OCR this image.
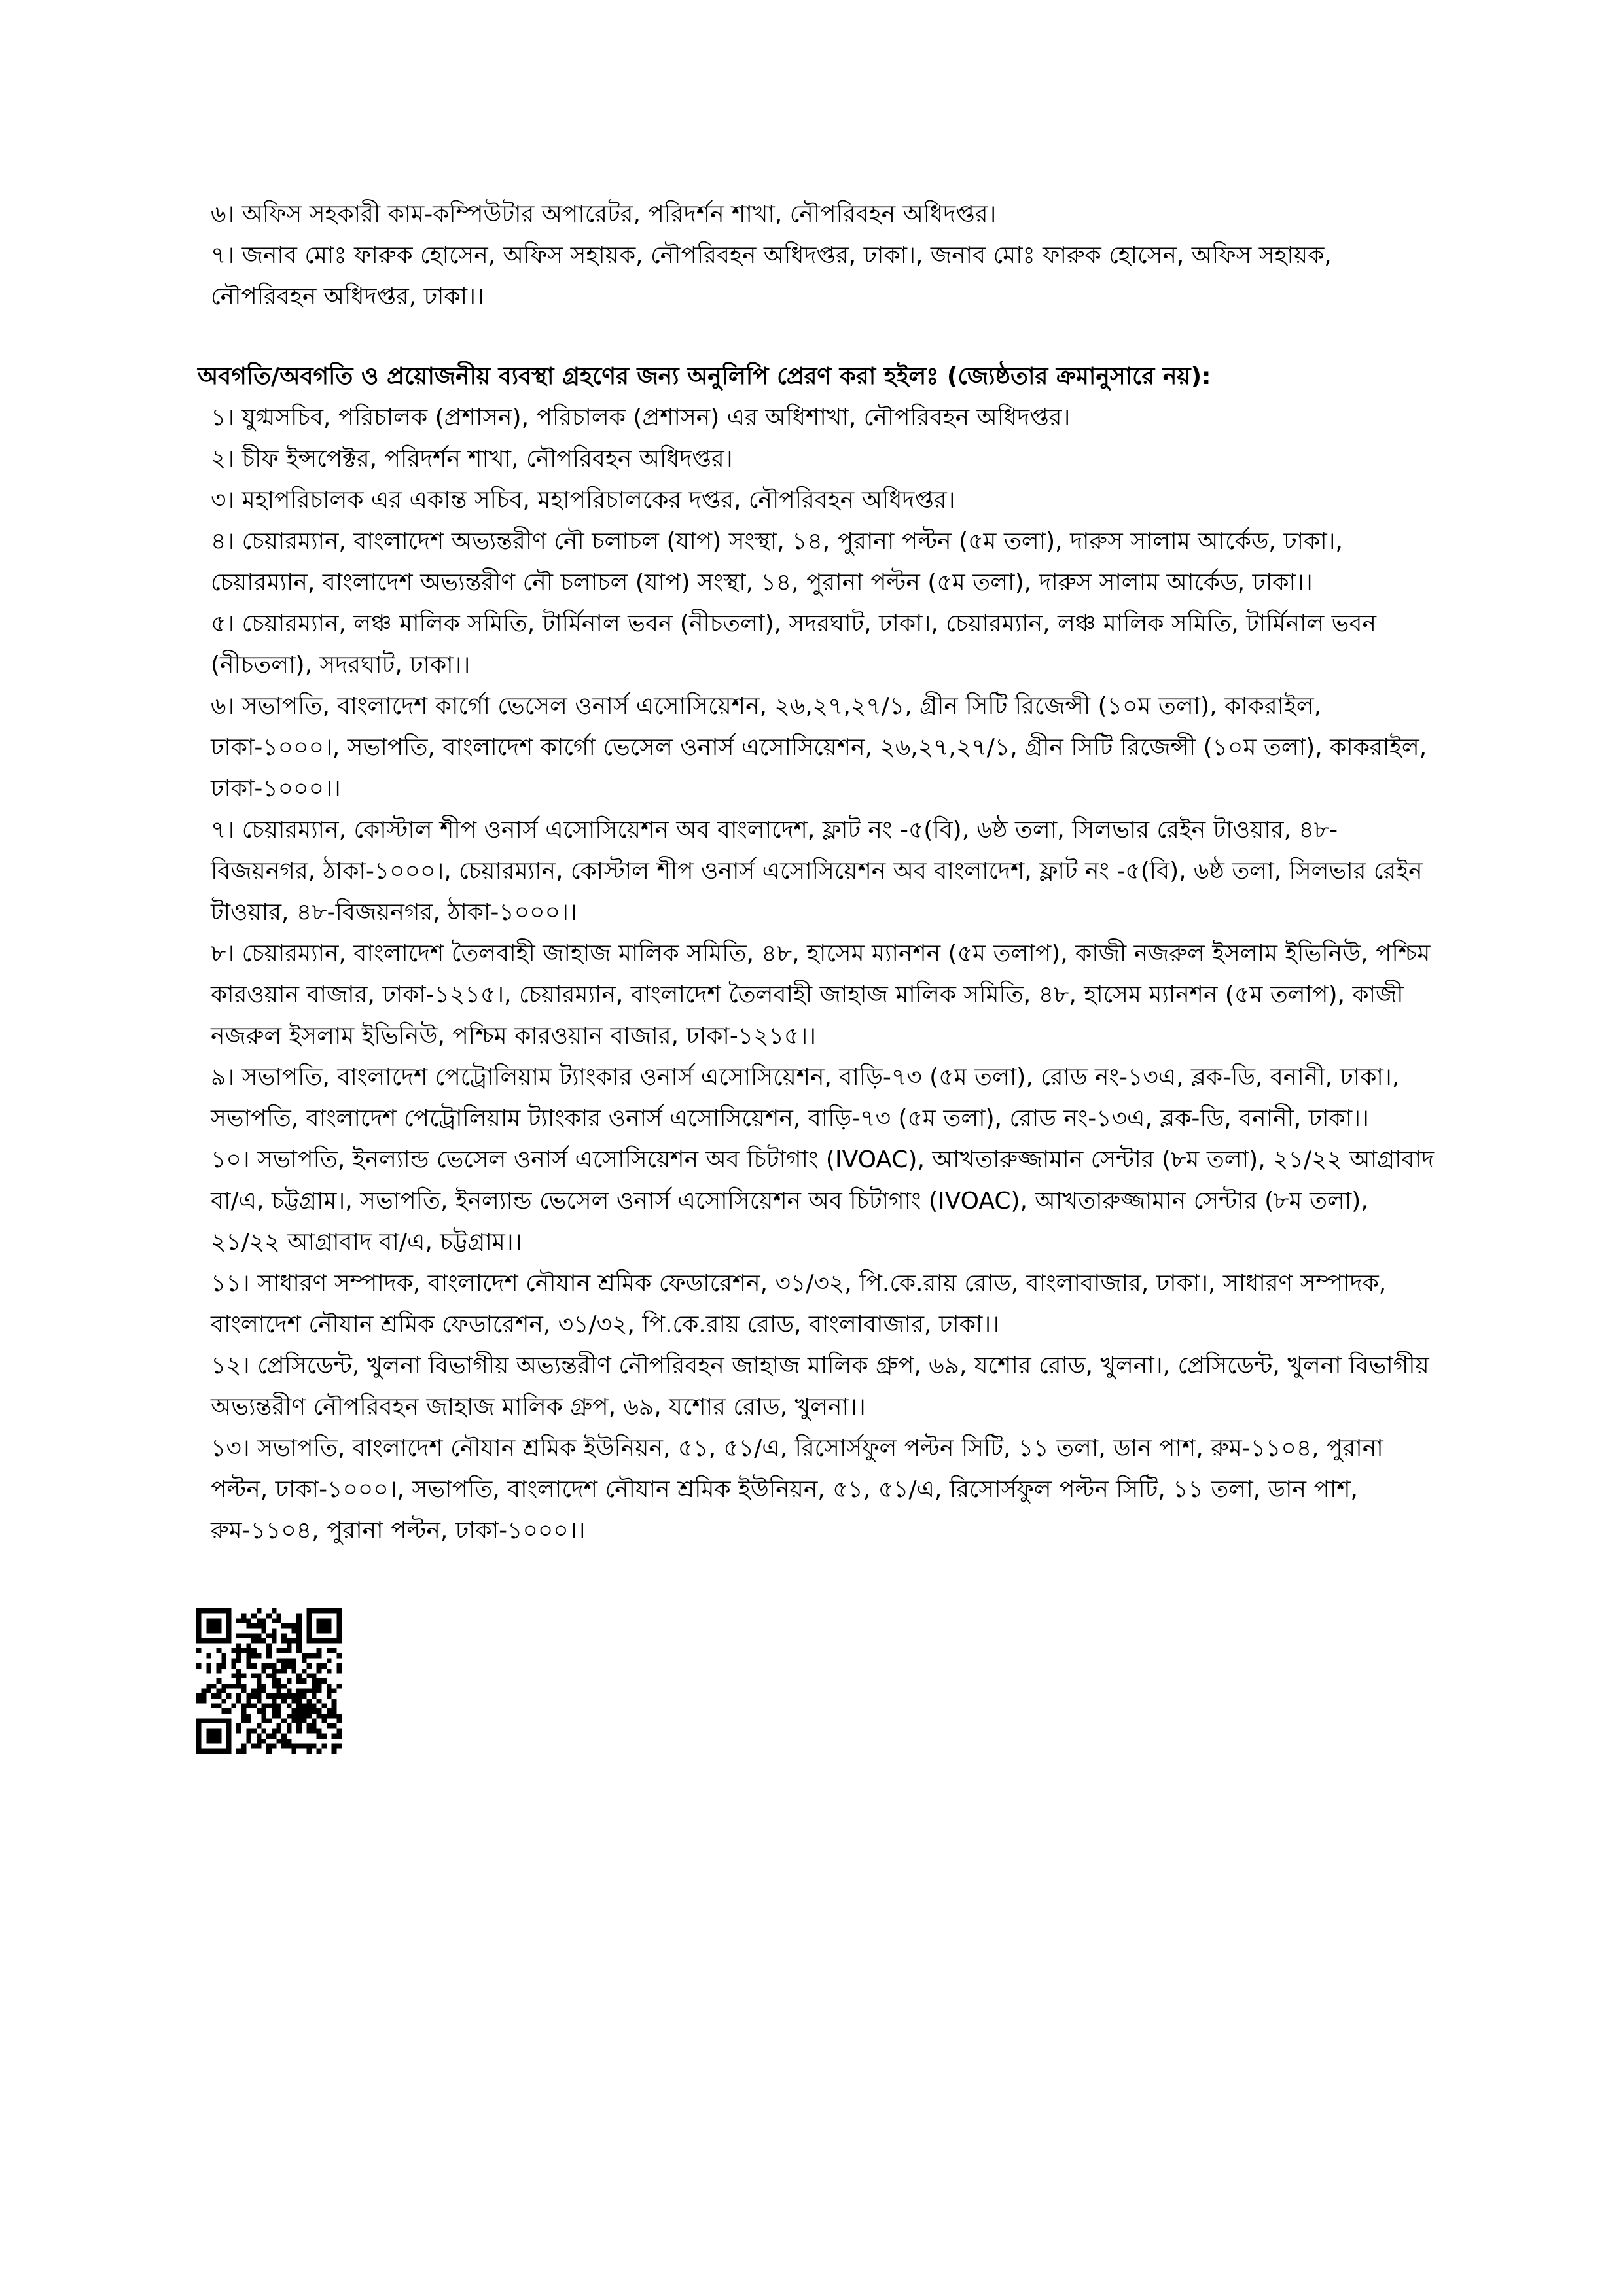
৬। অফিস সহকারী কাম-কম্পিউটার অপারেটর, পরিদর্শন শাখা, নৌপরিবহন অধিদপ্তর।

৭। জনাব মোঃ ফারুক হোসেন, অফিস সহায়ক, নৌপরিবহন অধিদপ্তর, ঢাকা।, জনাব মোঃ ফারুক হোসেন, অফিস সহায়ক, নৌপরিবহন অধিদপ্তর, ঢাকা।।

অবগতি/অবগতি ও প্রয়োজনীয় ব্যবস্থা গ্রহণের জন্য অনুলিপি প্রেরণ করা হইলঃ (জ্যেষ্ঠতার ক্রমানুসারে নয়):

১। যুগ্মসচিব, পরিচালক (প্রশাসন), পরিচালক (প্রশাসন) এর অধিশাখা, নৌপরিবহন অধিদপ্তর।

২। চীফ ইন্সপেক্টর, পরিদর্শন শাখা, নৌপরিবহন অধিদপ্তর।

৩। মহাপরিচালক এর একান্ত সচিব, মহাপরিচালকের দপ্তর, নৌপরিবহন অধিদপ্তর।

৪। চেয়ারম্যান, বাংলাদেশ অভ্যন্তরীণ নৌ চলাচল (যাপ) সংস্থা, ১৪, পুরানা পল্টন (৫ম তলা), দারুস সালাম আর্কেড, ঢাকা।, চেয়ারম্যান, বাংলাদেশ অভ্যন্তরীণ নৌ চলাচল (যাপ) সংস্থা, ১৪, পুরানা পল্টন (৫ম তলা), দারুস সালাম আর্কেড, ঢাকা।।

৫। চেয়ারম্যান, লঞ্চ মালিক সমিতি, টার্মিনাল ভবন (নীচতলা), সদরঘাট, ঢাকা।, চেয়ারম্যান, লঞ্চ মালিক সমিতি, টার্মিনাল ভবন (নীচতলা), সদরঘাট, ঢাকা।।

৬। সভাপতি, বাংলাদেশ কার্গো ভেসেল ওনার্স এসোসিয়েশন, ২৬,২৭,২৭/১, গ্রীন সিটি রিজেন্সী (১০ম তলা), কাকরাইল, ঢাকা-১০০০।, সভাপতি, বাংলাদেশ কার্গো ভেসেল ওনার্স এসোসিয়েশন, ২৬,২৭,২৭/১, গ্রীন সিটি রিজেন্সী (১০ম তলা), কাকরাইল, ঢাকা-১০০০।।

৭। চেয়ারম্যান, কোস্টাল শীপ ওনার্স এসোসিয়েশন অব বাংলাদেশ, ফ্লাট নং -৫(বি), ৬ষ্ঠ তলা, সিলভার রেইন টাওয়ার, ৪৮-বিজয়নগর, ঠাকা-১০০০।, চেয়ারম্যান, কোস্টাল শীপ ওনার্স এসোসিয়েশন অব বাংলাদেশ, ফ্লাট নং -৫(বি), ৬ষ্ঠ তলা, সিলভার রেইন টাওয়ার, ৪৮-বিজয়নগর, ঠাকা-১০০০।।

৮। চেয়ারম্যান, বাংলাদেশ তৈলবাহী জাহাজ মালিক সমিতি, ৪৮, হাসেম ম্যানশন (৫ম তলাপ), কাজী নজরুল ইসলাম ইভিনিউ, পশ্চিম কারওয়ান বাজার, ঢাকা-১২১৫।, চেয়ারম্যান, বাংলাদেশ তৈলবাহী জাহাজ মালিক সমিতি, ৪৮, হাসেম ম্যানশন (৫ম তলাপ), কাজী নজরুল ইসলাম ইভিনিউ, পশ্চিম কারওয়ান বাজার, ঢাকা-১২১৫।।

৯। সভাপতি, বাংলাদেশ পেট্রোলিয়াম ট্যাংকার ওনার্স এসোসিয়েশন, বাড়ি-৭৩ (৫ম তলা), রোড নং-১৩এ, ব্লক-ডি, বনানী, ঢাকা।, সভাপতি, বাংলাদেশ পেট্রোলিয়াম ট্যাংকার ওনার্স এসোসিয়েশন, বাড়ি-৭৩ (৫ম তলা), রোড নং-১৩এ, ব্লক-ডি, বনানী, ঢাকা।।

১০। সভাপতি, ইনল্যান্ড ভেসেল ওনার্স এসোসিয়েশন অব চিটাগাং (IVOAC), আখতারুজ্জামান সেন্টার (৮ম তলা), ২১/২২ আগ্রাবাদ বা/এ, চট্টগ্রাম।, সভাপতি, ইনল্যান্ড ভেসেল ওনার্স এসোসিয়েশন অব চিটাগাং (IVOAC), আখতারুজ্জামান সেন্টার (৮ম তলা), ২১/২২ আগ্রাবাদ বা/এ, চট্টগ্রাম।।

১১। সাধারণ সম্পাদক, বাংলাদেশ নৌযান শ্রমিক ফেডারেশন, ৩১/৩২, পি.কে.রায় রোড, বাংলাবাজার, ঢাকা।, সাধারণ সম্পাদক, বাংলাদেশ নৌযান শ্রমিক ফেডারেশন, ৩১/৩২, পি.কে.রায় রোড, বাংলাবাজার, ঢাকা।।

১২। প্রেসিডেন্ট, খুলনা বিভাগীয় অভ্যন্তরীণ নৌপরিবহন জাহাজ মালিক গ্রুপ, ৬৯, যশোর রোড, খুলনা।, প্রেসিডেন্ট, খুলনা বিভাগীয় অভ্যন্তরীণ নৌপরিবহন জাহাজ মালিক গ্রুপ, ৬৯, যশোর রোড, খুলনা।।

১৩। সভাপতি, বাংলাদেশ নৌযান শ্রমিক ইউনিয়ন, ৫১, ৫১/এ, রিসোর্সফুল পল্টন সিটি, ১১ তলা, ডান পাশ, রুম-১১০৪, পুরানা পল্টন, ঢাকা-১০০০।, সভাপতি, বাংলাদেশ নৌযান শ্রমিক ইউনিয়ন, ৫১, ৫১/এ, রিসোর্সফুল পল্টন সিটি, ১১ তলা, ডান পাশ, রুম-১১০৪, পুরানা পল্টন, ঢাকা-১০০০।।
